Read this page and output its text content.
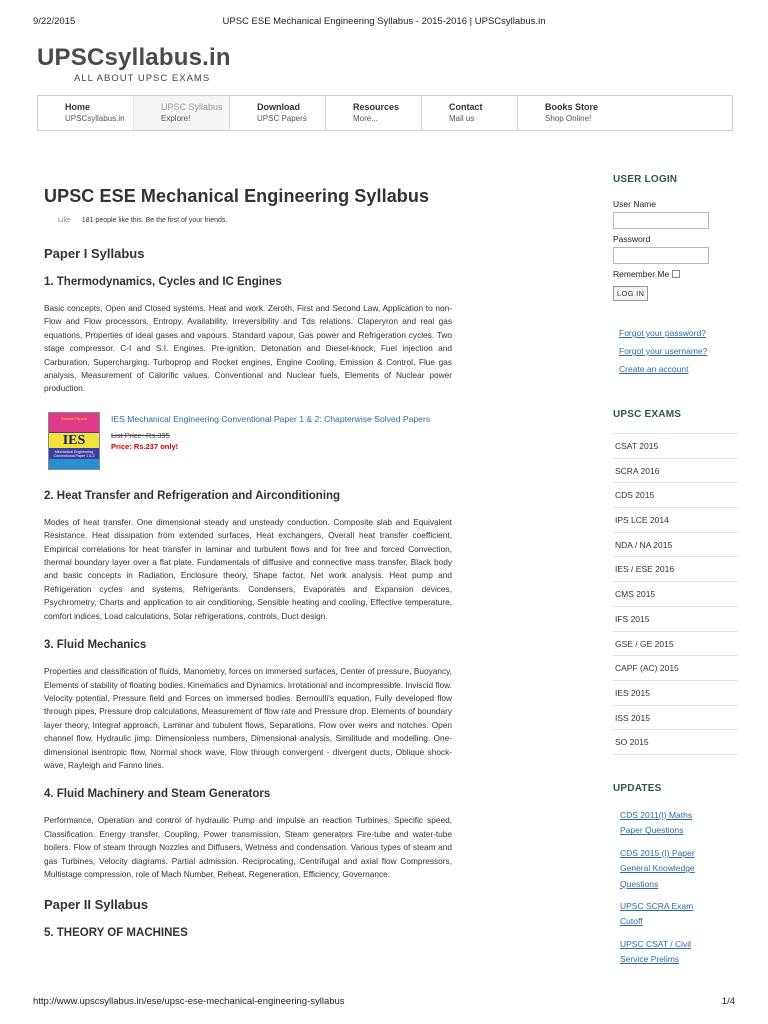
9/22/2015	UPSC ESE Mechanical Engineering Syllabus - 2015-2016 | UPSCsyllabus.in
UPSCsyllabus.in
ALL ABOUT UPSC EXAMS
Home
UPSCsyllabus.in
UPSC Syllabus
Explore!
Download
UPSC Papers
Resources
More...
Contact
Mail us
Books Store
Shop Online!
UPSC ESE Mechanical Engineering Syllabus
Like 181 people like this. Be the first of your friends.
Paper I Syllabus
1. Thermodynamics, Cycles and IC Engines

Basic concepts, Open and Closed systems. Heat and work. Zeroth, First and Second Law, Application to non-Flow and Flow processors. Entropy, Availability, Irreversibility and Tds relations. Claperyron and real gas equations, Properties of ideal gases and vapours. Standard vapour, Gas power and Refrigeration cycles. Two stage compressor. C-I and S.I. Engines. Pre-ignition, Detonation and Diesel-knock, Fuel injection and Carburation, Supercharging. Turboprop and Rocket engines, Engine Cooling, Emission & Control, Flue gas analysis, Measurement of Calorific values. Conventional and Nuclear fuels, Elements of Nuclear power production.

Solved Papers
IES
Mechanical Engineering Conventional Paper 1 & 2
IES Mechanical Engineering Conventional Paper 1 & 2: Chapterwise Solved Papers
List Price: Rs.395
Price: Rs.237 only!
2. Heat Transfer and Refrigeration and Airconditioning

Modes of heat transfer. One dimensional steady and unsteady conduction. Composite slab and Equivalent Resistance. Heat dissipation from extended surfaces, Heat exchangers, Overall heat transfer coefficient, Empirical correlations for heat transfer in laminar and turbulent flows and for free and forced Convection, thermal boundary layer over a flat plate. Fundamentals of diffusive and connective mass transfer, Black body and basic concepts in Radiation, Enclosure theory, Shape factor, Net work analysis. Heat pump and Refrigeration cycles and systems, Refrigerants. Condensers, Evaporates and Expansion devices, Psychrometry, Charts and application to air conditioning, Sensible heating and cooling, Effective temperature, comfort indices, Load calculations, Solar refrigerations, controls, Duct design.

3. Fluid Mechanics

Properties and classification of fluids, Manometry, forces on immersed surfaces, Center of pressure, Buoyancy, Elements of stability of floating bodies. Kinematics and Dynamics. Irrotational and incompressible. Inviscid flow. Velocity potential, Pressure field and Forces on immersed bodies. Bernoulli's equation, Fully developed flow through pipes, Pressure drop calculations, Measurement of flow rate and Pressure drop. Elements of boundary layer theory, Integral approach, Laminar and tubulent flows, Separations. Flow over weirs and notches. Open channel flow, Hydraulic jimp. Dimensionless numbers, Dimensional analysis, Similitude and modelling. One-dimensional isentropic flow, Normal shock wave, Flow through convergent - divergent ducts, Oblique shock-wave, Rayleigh and Fanno lines.

4. Fluid Machinery and Steam Generators

Performance, Operation and control of hydraulic Pump and impulse an reaction Turbines, Specific speed, Classification. Energy transfer, Coupling, Power transmission, Steam generators Fire-tube and water-tube boilers. Flow of steam through Nozzles and Diffusers, Wetness and condensation. Various types of steam and gas Turbines, Velocity diagrams. Partial admission. Reciprocating, Centrifugal and axial flow Compressors, Multistage compression, role of Mach Number, Reheat, Regeneration, Efficiency, Governance.

Paper II Syllabus
5. THEORY OF MACHINES
USER LOGIN
User Name
Password
Remember Me
LOG IN
Forgot your password?
Forgot your username?
Create an account
UPSC EXAMS
CSAT 2015
SCRA 2016
CDS 2015
IPS LCE 2014
NDA / NA 2015
IES / ESE 2016
CMS 2015
IFS 2015
GSE / GE 2015
CAPF (AC) 2015
IES 2015
ISS 2015
SO 2015
UPDATES
CDS 2011(I) Maths Paper Questions
CDS 2015 (I) Paper General Knowledge Questions
UPSC SCRA Exam Cutoff
UPSC CSAT / Civil Service Prelims
http://www.upscsyllabus.in/ese/upsc-ese-mechanical-engineering-syllabus	1/4
